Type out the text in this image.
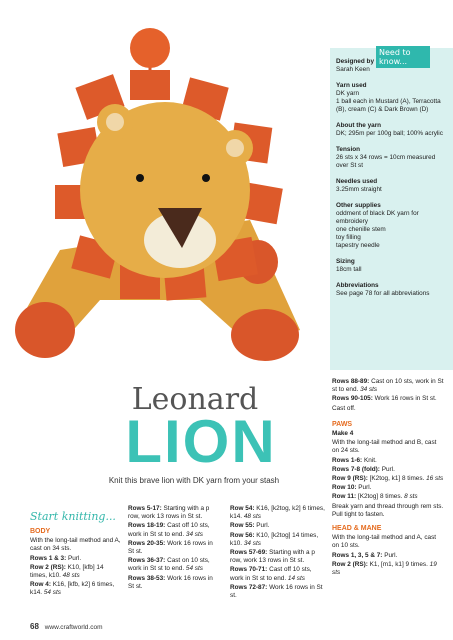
Need to know...

Designed by

Sarah Keen

Yarn used

DK yarn
1 ball each in Mustard (A), Terracotta (B), cream (C) & Dark Brown (D)

About the yarn

DK; 295m per 100g ball; 100% acrylic

Tension

26 sts x 34 rows = 10cm measured over St st

Needles used

3.25mm straight

Other supplies

oddment of black DK yarn for embroidery
one chenille stem
toy filling
tapestry needle

Sizing

18cm tall

Abbreviations

See page 78 for all abbreviations

Leonard
LION
Knit this brave lion with DK yarn from your stash
Start knitting...

BODY

With the long-tail method and A, cast on 34 sts.

Rows 1 & 3: Purl.

Row 2 (RS): K10, [kfb] 14 times, k10. 48 sts

Row 4: K16, [kfb, k2] 6 times, k14. 54 sts

Rows 5-17: Starting with a p row, work 13 rows in St st.

Rows 18-19: Cast off 10 sts, work in St st to end. 34 sts

Rows 20-35: Work 16 rows in St st.

Rows 36-37: Cast on 10 sts, work in St st to end. 54 sts

Rows 38-53: Work 16 rows in St st.

Row 54: K16, [k2tog, k2] 6 times, k14. 48 sts

Row 55: Purl.

Row 56: K10, [k2tog] 14 times, k10. 34 sts

Rows 57-69: Starting with a p row, work 13 rows in St st.

Rows 70-71: Cast off 10 sts, work in St st to end. 14 sts

Rows 72-87: Work 16 rows in St st.

Rows 88-89: Cast on 10 sts, work in St st to end. 34 sts

Rows 90-105: Work 16 rows in St st.

Cast off.

PAWS

Make 4

With the long-tail method and B, cast on 24 sts.

Rows 1-6: Knit.

Rows 7-8 (fold): Purl.

Row 9 (RS): [K2tog, k1] 8 times. 16 sts

Row 10: Purl.

Row 11: [K2tog] 8 times. 8 sts

Break yarn and thread through rem sts. Pull tight to fasten.

HEAD & MANE

With the long-tail method and A, cast on 10 sts.

Rows 1, 3, 5 & 7: Purl.

Row 2 (RS): K1, [m1, k1] 9 times. 19 sts

68 www.craftworld.com
